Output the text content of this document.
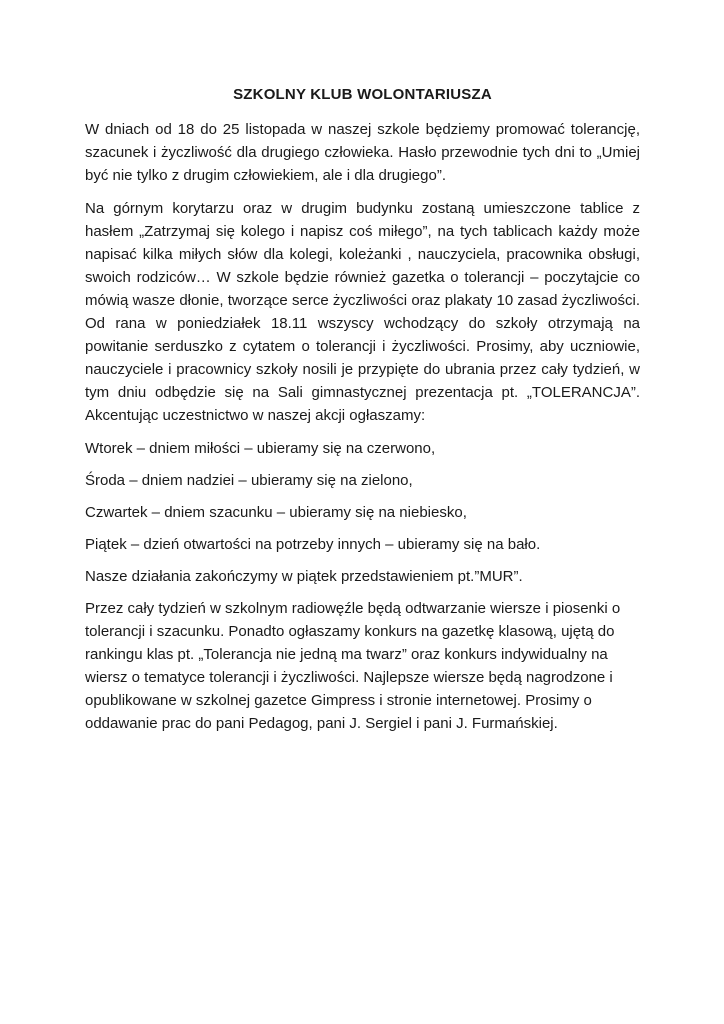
SZKOLNY KLUB WOLONTARIUSZA

W dniach od 18 do 25 listopada w naszej szkole będziemy promować tolerancję, szacunek i życzliwość dla drugiego człowieka. Hasło przewodnie tych dni to „Umiej być nie tylko z drugim człowiekiem, ale i dla drugiego”.

Na górnym korytarzu oraz w drugim budynku zostaną umieszczone tablice z hasłem „Zatrzymaj się kolego i napisz coś miłego”, na tych tablicach każdy może napisać kilka miłych słów dla kolegi, koleżanki , nauczyciela, pracownika obsługi, swoich rodziców… W szkole będzie również gazetka o tolerancji – poczytajcie co mówią wasze dłonie, tworzące serce życzliwości oraz plakaty 10 zasad życzliwości. Od rana w poniedziałek 18.11 wszyscy wchodzący do szkoły otrzymają na powitanie serduszko z cytatem o tolerancji i życzliwości. Prosimy, aby uczniowie, nauczyciele i pracownicy szkoły nosili je przypięte do ubrania przez cały tydzień, w tym dniu odbędzie się na Sali gimnastycznej prezentacja pt. „TOLERANCJA”. Akcentując uczestnictwo w naszej akcji ogłaszamy:

Wtorek – dniem miłości – ubieramy się na czerwono,

Środa – dniem nadziei – ubieramy się na zielono,

Czwartek – dniem szacunku – ubieramy się na niebiesko,

Piątek – dzień otwartości na potrzeby innych – ubieramy się na bało.

Nasze działania zakończymy w piątek przedstawieniem pt.”MUR”.

Przez cały tydzień w szkolnym radiowęźle będą odtwarzanie wiersze i piosenki o tolerancji i szacunku. Ponadto ogłaszamy konkurs na gazetkę klasową, ujętą do rankingu klas pt. „Tolerancja nie jedną ma twarz” oraz konkurs indywidualny na wiersz o tematyce tolerancji i życzliwości. Najlepsze wiersze będą nagrodzone i opublikowane w szkolnej gazetce Gimpress i stronie internetowej. Prosimy o oddawanie prac do pani Pedagog, pani J. Sergiel i pani J. Furmańskiej.
